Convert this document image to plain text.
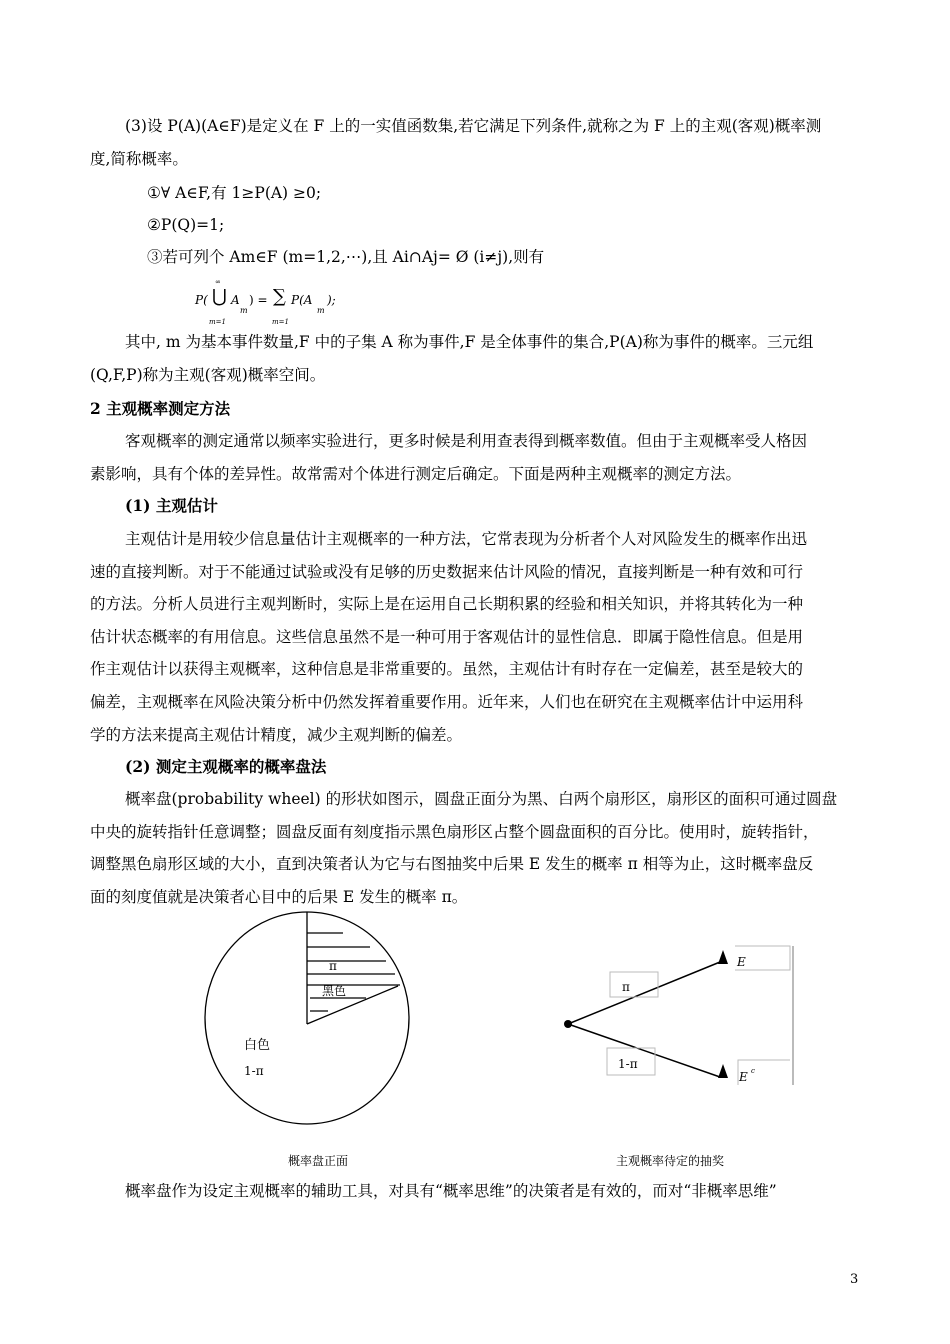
(3)设 P(A)(A∈F)是定义在 F 上的一实值函数集,若它满足下列条件,就称之为 F 上的主观(客观)概率测
度,简称概率。
①∀ A∈F,有 1≥P(A) ≥0;
②P(Q)=1;
③若可列个 Am∈F (m=1,2,⋯),且 Ai∩Aj= Ø (i≠j),则有
P( ⋃
∞
A
m
m=1
) = ∑
m=1
P(A
m
);
其中, m 为基本事件数量,F 中的子集 A 称为事件,F 是全体事件的集合,P(A)称为事件的概率。三元组
(Q,F,P)称为主观(客观)概率空间。
2 主观概率测定方法
客观概率的测定通常以频率实验进行，更多时候是利用查表得到概率数值。但由于主观概率受人格因
素影响，具有个体的差异性。故常需对个体进行测定后确定。下面是两种主观概率的测定方法。
(1) 主观估计
主观估计是用较少信息量估计主观概率的一种方法，它常表现为分析者个人对风险发生的概率作出迅
速的直接判断。对于不能通过试验或没有足够的历史数据来估计风险的情况，直接判断是一种有效和可行
的方法。分析人员进行主观判断时，实际上是在运用自己长期积累的经验和相关知识，并将其转化为一种
估计状态概率的有用信息。这些信息虽然不是一种可用于客观估计的显性信息．即属于隐性信息。但是用
作主观估计以获得主观概率，这种信息是非常重要的。虽然，主观估计有时存在一定偏差，甚至是较大的
偏差，主观概率在风险决策分析中仍然发挥着重要作用。近年来，人们也在研究在主观概率估计中运用科
学的方法来提高主观估计精度，减少主观判断的偏差。
(2) 测定主观概率的概率盘法
概率盘(probability wheel) 的形状如图示，圆盘正面分为黑、白两个扇形区，扇形区的面积可通过圆盘
中央的旋转指针任意调整；圆盘反面有刻度指示黑色扇形区占整个圆盘面积的百分比。使用时，旋转指针，
调整黑色扇形区域的大小，直到决策者认为它与右图抽奖中后果 E 发生的概率 π 相等为止，这时概率盘反
面的刻度值就是决策者心目中的后果 E 发生的概率 π。
π
黑色
白色
1-π
概率盘正面
π
1-π
E
E c
主观概率待定的抽奖
概率盘作为设定主观概率的辅助工具，对具有“概率思维”的决策者是有效的，而对“非概率思维”
3
